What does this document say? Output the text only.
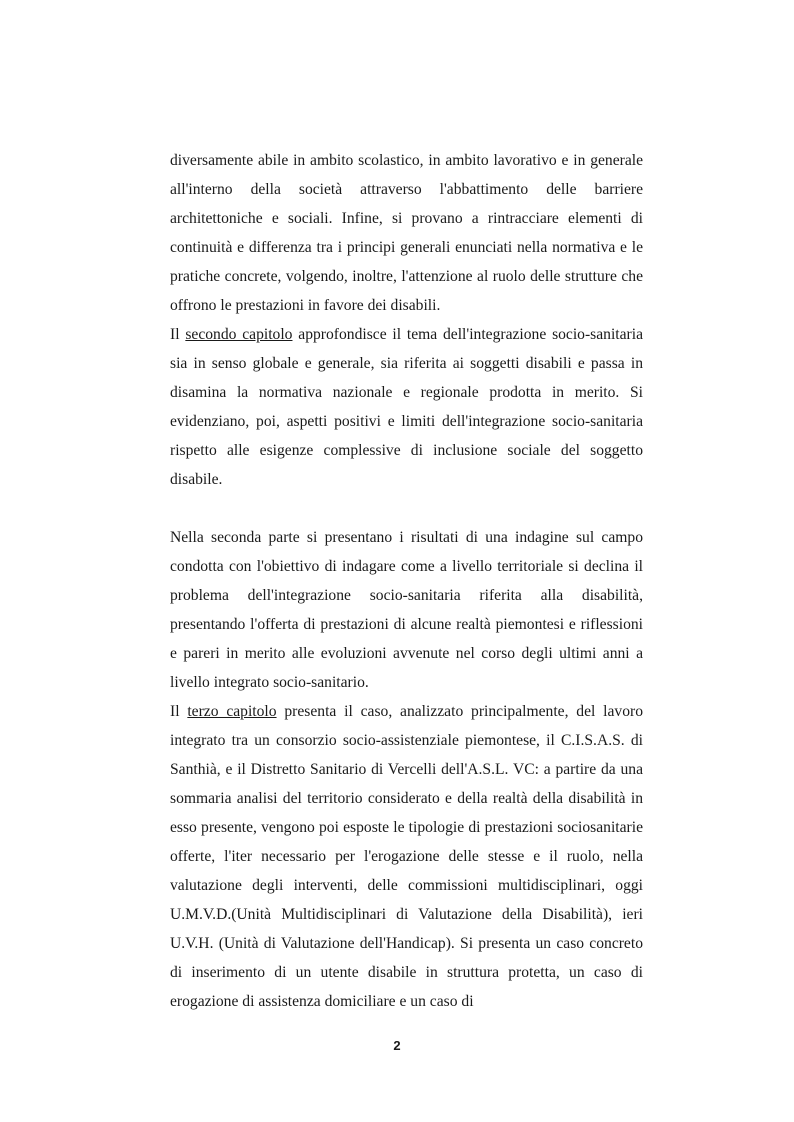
diversamente abile in ambito scolastico, in ambito lavorativo e in generale all'interno della società attraverso l'abbattimento delle barriere architettoniche e sociali. Infine, si provano a rintracciare elementi di continuità e differenza tra i principi generali enunciati nella normativa e le pratiche concrete, volgendo, inoltre, l'attenzione al ruolo delle strutture che offrono le prestazioni in favore dei disabili.

Il secondo capitolo approfondisce il tema dell'integrazione socio-sanitaria sia in senso globale e generale, sia riferita ai soggetti disabili e passa in disamina la normativa nazionale e regionale prodotta in merito. Si evidenziano, poi, aspetti positivi e limiti dell'integrazione socio-sanitaria rispetto alle esigenze complessive di inclusione sociale del soggetto disabile.

Nella seconda parte si presentano i risultati di una indagine sul campo condotta con l'obiettivo di indagare come a livello territoriale si declina il problema dell'integrazione socio-sanitaria riferita alla disabilità, presentando l'offerta di prestazioni di alcune realtà piemontesi e riflessioni e pareri in merito alle evoluzioni avvenute nel corso degli ultimi anni a livello integrato socio-sanitario.

Il terzo capitolo presenta il caso, analizzato principalmente, del lavoro integrato tra un consorzio socio-assistenziale piemontese, il C.I.S.A.S. di Santhià, e il Distretto Sanitario di Vercelli dell'A.S.L. VC: a partire da una sommaria analisi del territorio considerato e della realtà della disabilità in esso presente, vengono poi esposte le tipologie di prestazioni sociosanitarie offerte, l'iter necessario per l'erogazione delle stesse e il ruolo, nella valutazione degli interventi, delle commissioni multidisciplinari, oggi U.M.V.D.(Unità Multidisciplinari di Valutazione della Disabilità), ieri U.V.H. (Unità di Valutazione dell'Handicap). Si presenta un caso concreto di inserimento di un utente disabile in struttura protetta, un caso di erogazione di assistenza domiciliare e un caso di

2
